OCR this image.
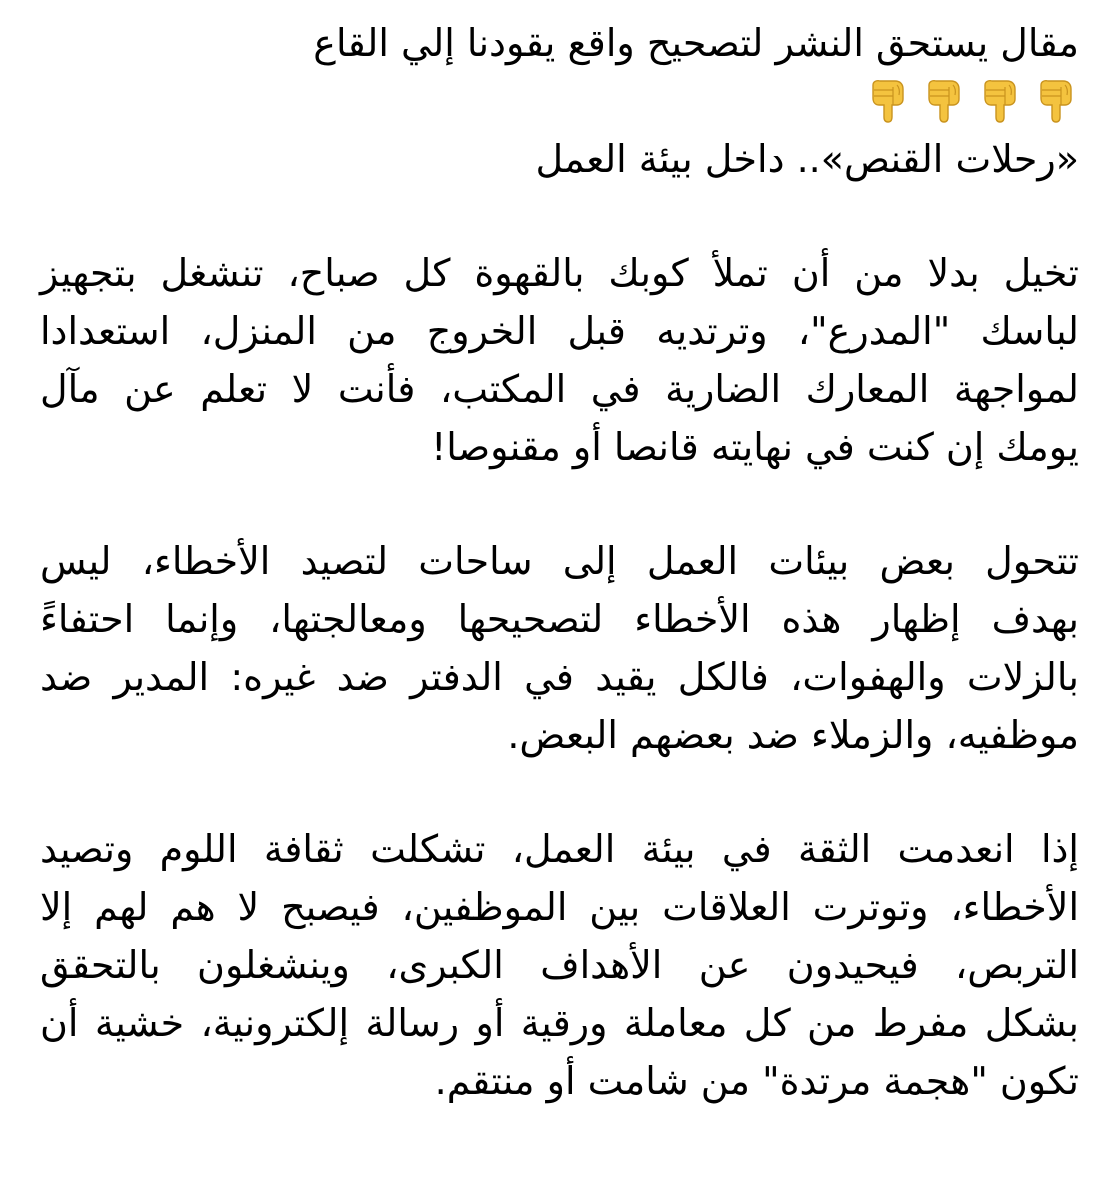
مقال يستحق النشر لتصحيح واقع يقودنا إلي القاع
«رحلات القنص».. داخل بيئة العمل
تخيل بدلا من أن تملأ كوبك بالقهوة كل صباح، تنشغل بتجهيز
لباسك "المدرع"، وترتديه قبل الخروج من المنزل، استعدادا
لمواجهة المعارك الضارية في المكتب، فأنت لا تعلم عن مآل
يومك إن كنت في نهايته قانصا أو مقنوصا!
تتحول بعض بيئات العمل إلى ساحات لتصيد الأخطاء، ليس
بهدف إظهار هذه الأخطاء لتصحيحها ومعالجتها، وإنما احتفاءً
بالزلات والهفوات، فالكل يقيد في الدفتر ضد غيره: المدير ضد
موظفيه، والزملاء ضد بعضهم البعض.
إذا انعدمت الثقة في بيئة العمل، تشكلت ثقافة اللوم وتصيد
الأخطاء، وتوترت العلاقات بين الموظفين، فيصبح لا هم لهم إلا
التربص، فيحيدون عن الأهداف الكبرى، وينشغلون بالتحقق
بشكل مفرط من كل معاملة ورقية أو رسالة إلكترونية، خشية أن
تكون "هجمة مرتدة" من شامت أو منتقم.
